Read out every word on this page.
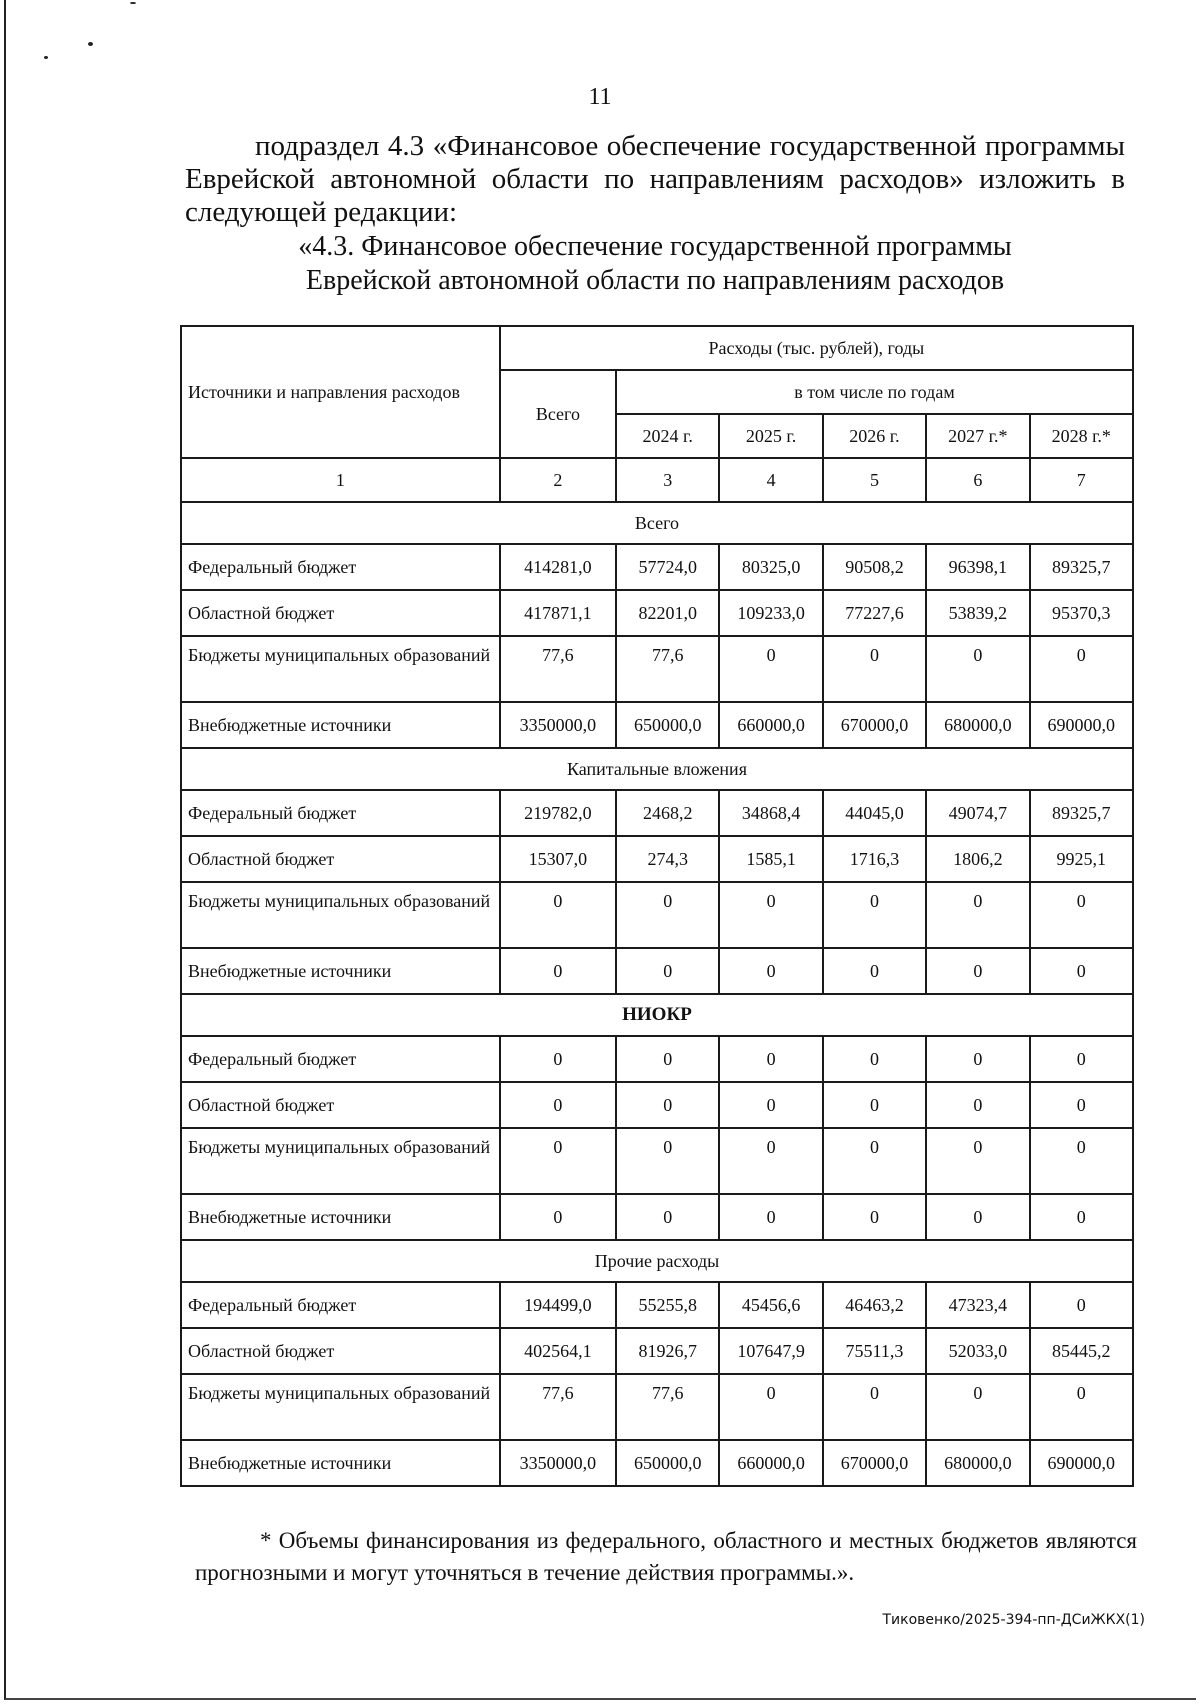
11
подраздел 4.3 «Финансовое обеспечение государственной программы Еврейской автономной области по направлениям расходов» изложить в следующей редакции:
«4.3. Финансовое обеспечение государственной программы
Еврейской автономной области по направлениям расходов
Источники и направления расходов	Расходы (тыс. рублей), годы					
	Всего	в том числе по годам				
		2024 г.	2025 г.	2026 г.	2027 г.*	2028 г.*
1	2	3	4	5	6	7
Всего						
Федеральный бюджет	414281,0	57724,0	80325,0	90508,2	96398,1	89325,7
Областной бюджет	417871,1	82201,0	109233,0	77227,6	53839,2	95370,3
Бюджеты муниципальных образований	77,6	77,6	0	0	0	0
Внебюджетные источники	3350000,0	650000,0	660000,0	670000,0	680000,0	690000,0
Капитальные вложения						
Федеральный бюджет	219782,0	2468,2	34868,4	44045,0	49074,7	89325,7
Областной бюджет	15307,0	274,3	1585,1	1716,3	1806,2	9925,1
Бюджеты муниципальных образований	0	0	0	0	0	0
Внебюджетные источники	0	0	0	0	0	0
НИОКР						
Федеральный бюджет	0	0	0	0	0	0
Областной бюджет	0	0	0	0	0	0
Бюджеты муниципальных образований	0	0	0	0	0	0
Внебюджетные источники	0	0	0	0	0	0
Прочие расходы						
Федеральный бюджет	194499,0	55255,8	45456,6	46463,2	47323,4	0
Областной бюджет	402564,1	81926,7	107647,9	75511,3	52033,0	85445,2
Бюджеты муниципальных образований	77,6	77,6	0	0	0	0
Внебюджетные источники	3350000,0	650000,0	660000,0	670000,0	680000,0	690000,0
* Объемы финансирования из федерального, областного и местных бюджетов являются прогнозными и могут уточняться в течение действия программы.».
Тиковенко/2025-394-пп-ДСиЖКХ(1)
